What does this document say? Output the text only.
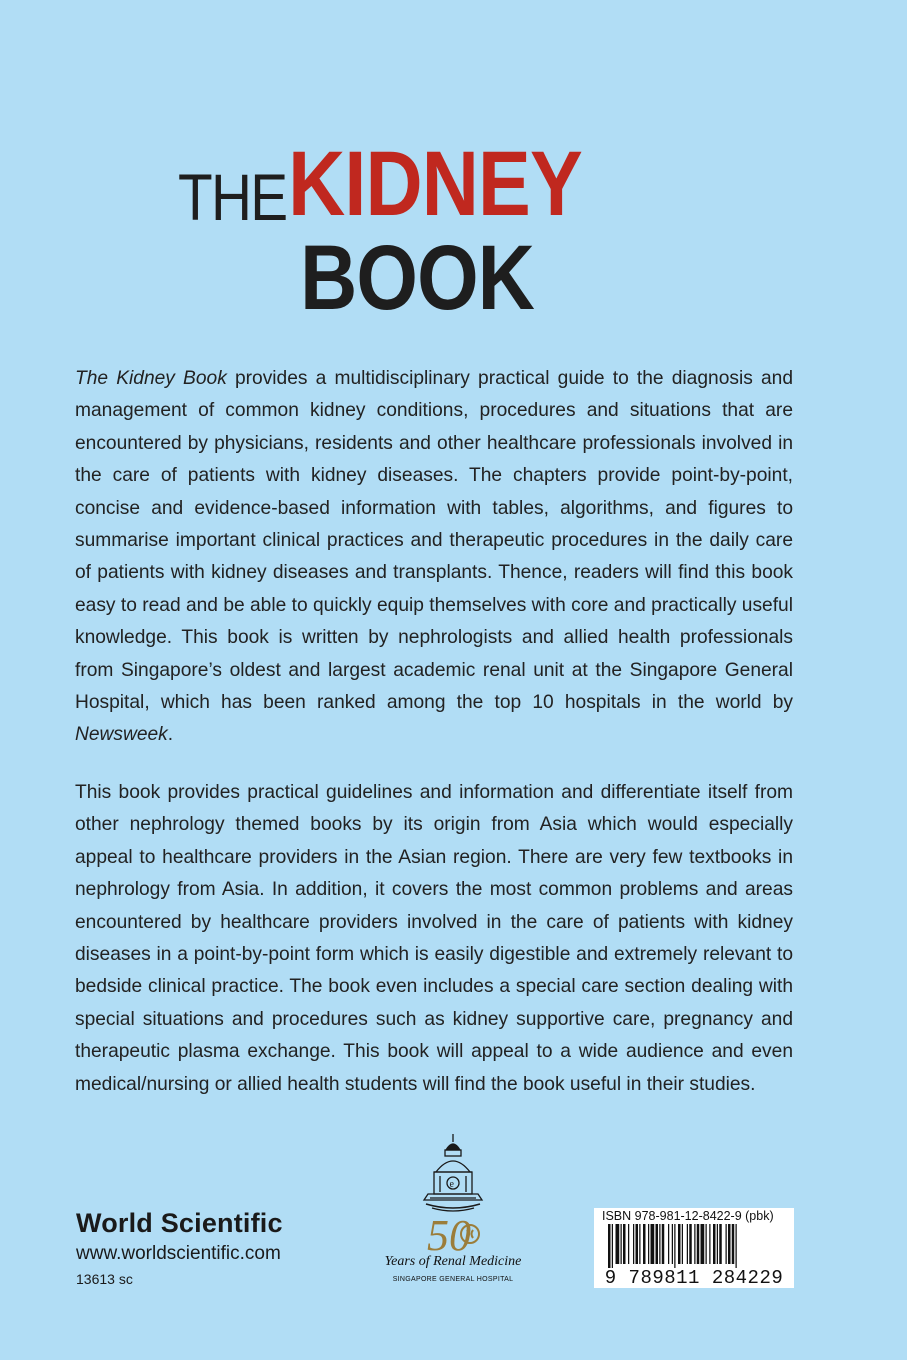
THEKIDNEY
BOOK
The Kidney Book provides a multidisciplinary practical guide to the diagnosis and management of common kidney conditions, procedures and situations that are encountered by physicians, residents and other healthcare professionals involved in the care of patients with kidney diseases. The chapters provide point-by-point, concise and evidence-based information with tables, algorithms, and figures to summarise important clinical practices and therapeutic procedures in the daily care of patients with kidney diseases and transplants. Thence, readers will find this book easy to read and be able to quickly equip themselves with core and practically useful knowledge. This book is written by nephrologists and allied health professionals from Singapore’s oldest and largest academic renal unit at the Singapore General Hospital, which has been ranked among the top 10 hospitals in the world by Newsweek.
This book provides practical guidelines and information and differentiate itself from other nephrology themed books by its origin from Asia which would especially appeal to healthcare providers in the Asian region. There are very few textbooks in nephrology from Asia. In addition, it covers the most common problems and areas encountered by healthcare providers involved in the care of patients with kidney diseases in a point-by-point form which is easily digestible and extremely relevant to bedside clinical practice. The book even includes a special care section dealing with special situations and procedures such as kidney supportive care, pregnancy and therapeutic plasma exchange. This book will appeal to a wide audience and even medical/nursing or allied health students will find the book useful in their studies.
World Scientific
www.worldscientific.com
13613 sc
e
50
Years of Renal Medicine
SINGAPORE GENERAL HOSPITAL
ISBN 978-981-12-8422-9 (pbk)
9 789811 284229
